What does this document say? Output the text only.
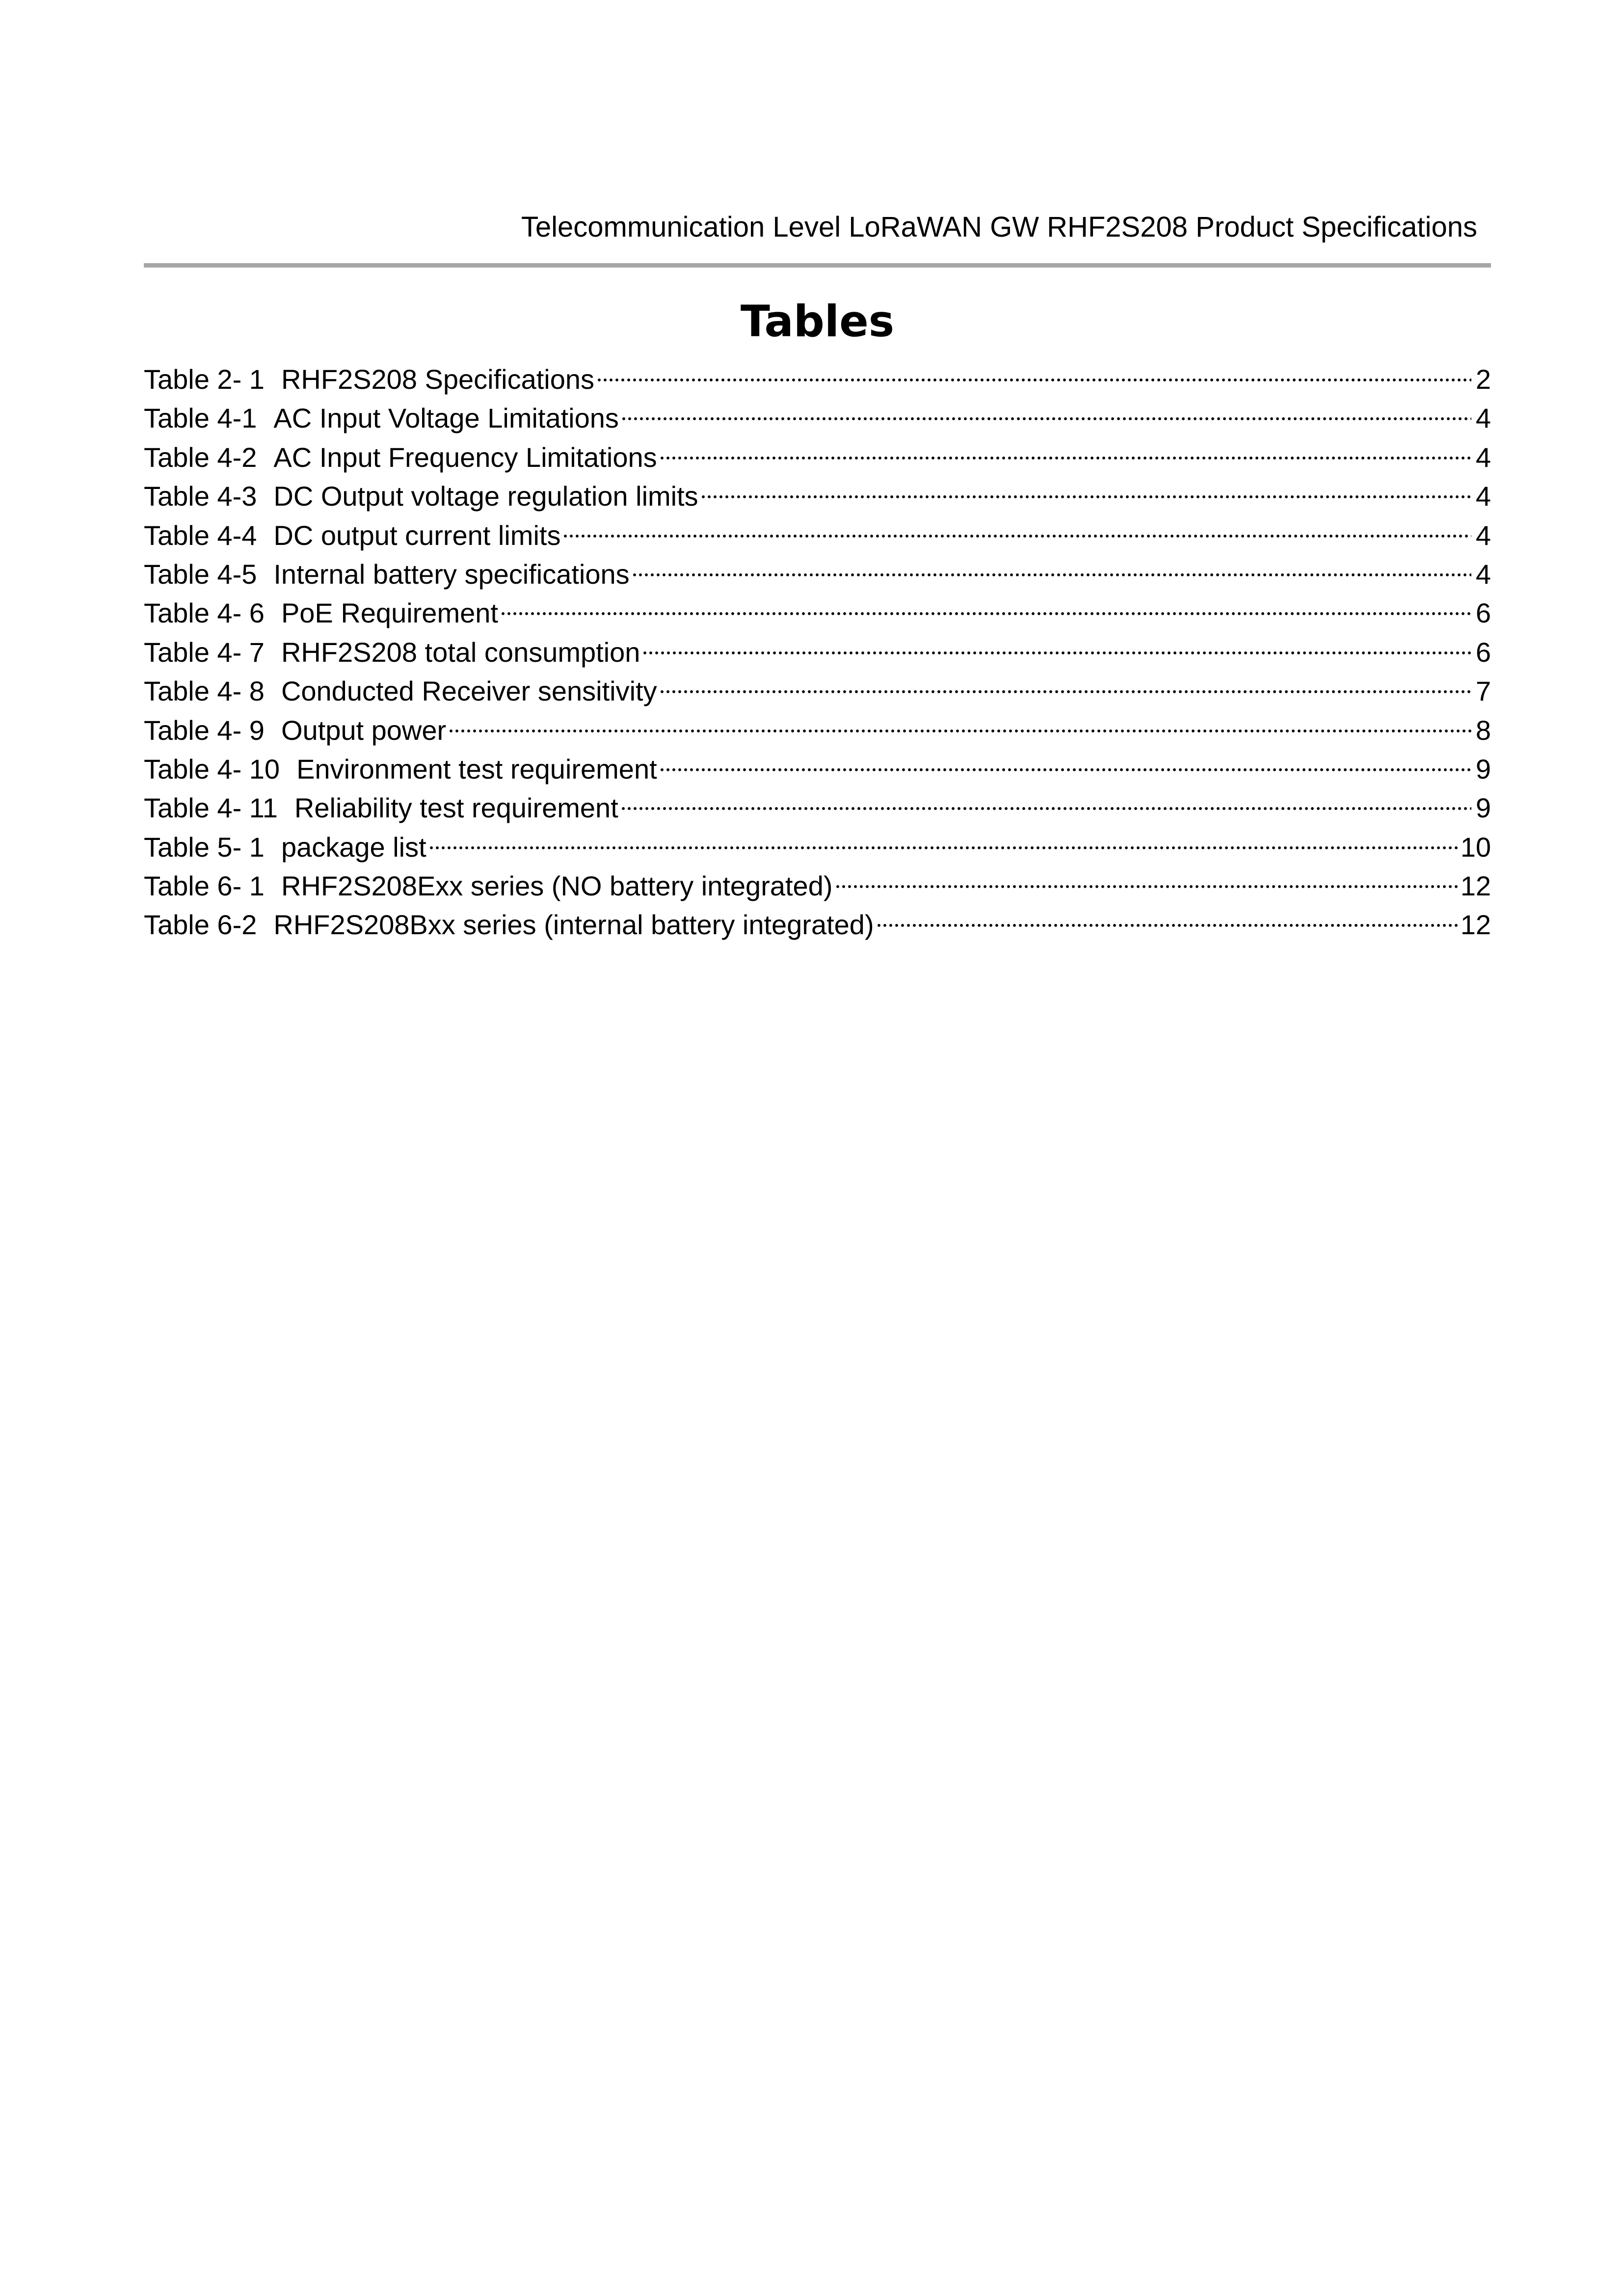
Telecommunication Level LoRaWAN GW RHF2S208 Product Specifications
Tables
Table 2- 1 RHF2S208 Specifications	2
Table 4-1 AC Input Voltage Limitations	4
Table 4-2 AC Input Frequency Limitations	4
Table 4-3 DC Output voltage regulation limits	4
Table 4-4 DC output current limits	4
Table 4-5 Internal battery specifications	4
Table 4- 6 PoE Requirement	6
Table 4- 7 RHF2S208 total consumption	6
Table 4- 8 Conducted Receiver sensitivity	7
Table 4- 9 Output power	8
Table 4- 10 Environment test requirement	9
Table 4- 11 Reliability test requirement	9
Table 5- 1 package list	10
Table 6- 1 RHF2S208Exx series (NO battery integrated)	12
Table 6-2 RHF2S208Bxx series (internal battery integrated)	12
